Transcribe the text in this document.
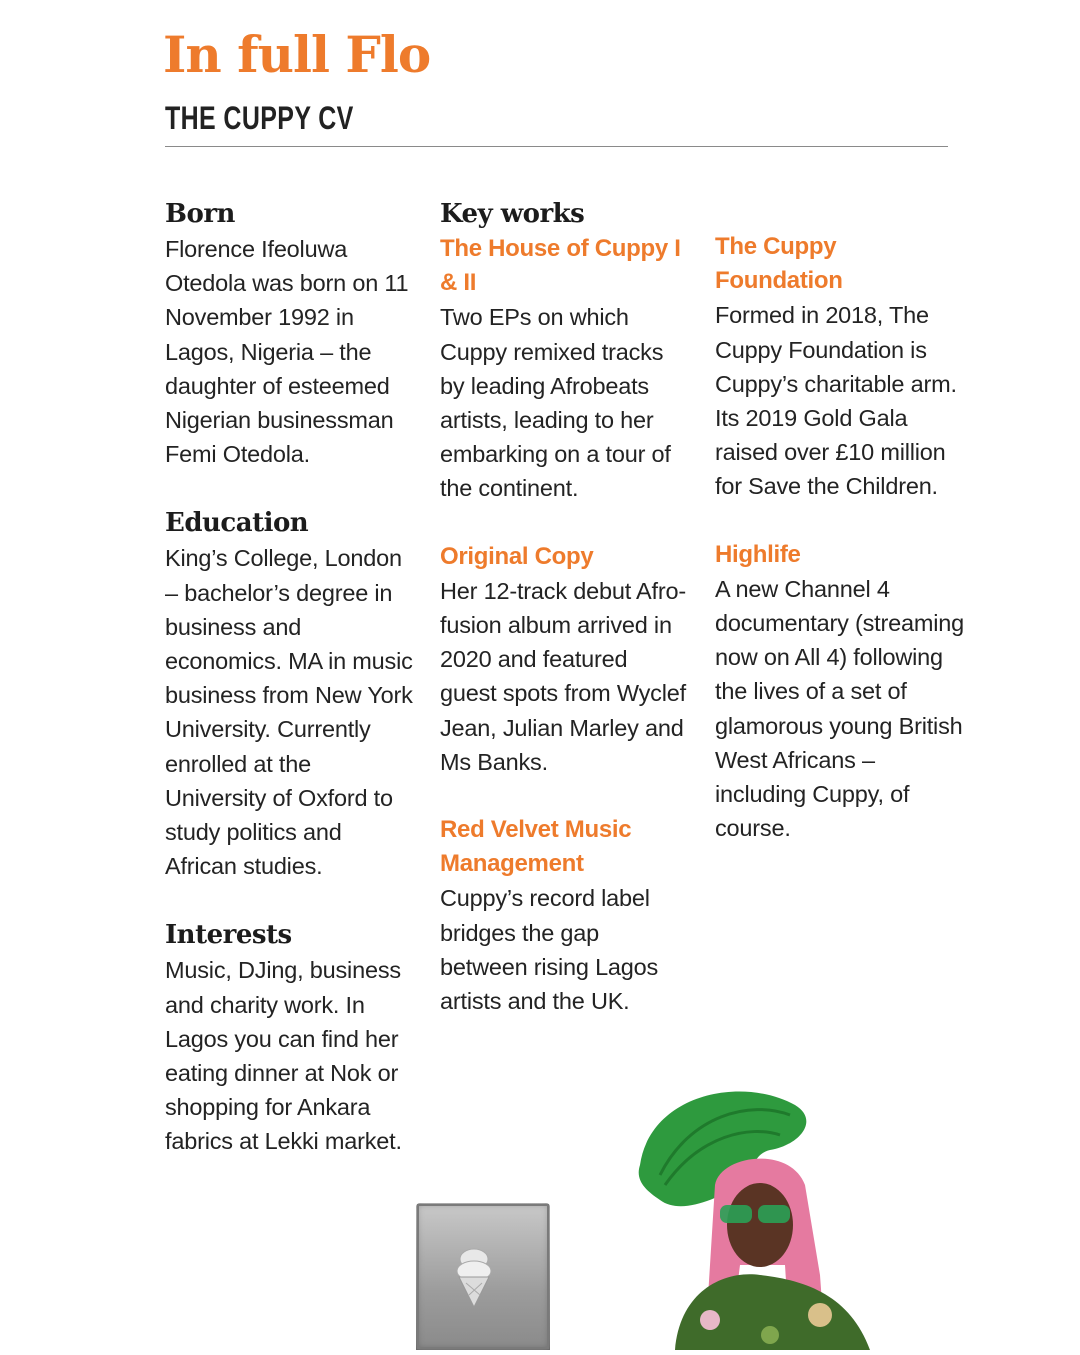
In full Flo
THE CUPPY CV
Born

Florence Ifeoluwa Otedola was born on 11 November 1992 in Lagos, Nigeria – the daughter of esteemed Nigerian businessman Femi Otedola.

Education

King’s College, London – bachelor’s degree in business and economics. MA in music business from New York University. Currently enrolled at the University of Oxford to study politics and African studies.

Interests

Music, DJing, business and charity work. In Lagos you can find her eating dinner at Nok or shopping for Ankara fabrics at Lekki market.

Key works

The House of Cuppy I & II

Two EPs on which Cuppy remixed tracks by leading Afrobeats artists, leading to her embarking on a tour of the continent.

Original Copy

Her 12-track debut Afro-fusion album arrived in 2020 and featured guest spots from Wyclef Jean, Julian Marley and Ms Banks.

Red Velvet Music Management

Cuppy’s record label bridges the gap between rising Lagos artists and the UK.

The Cuppy Foundation

Formed in 2018, The Cuppy Foundation is Cuppy’s charitable arm. Its 2019 Gold Gala raised over £10 million for Save the Children.

Highlife

A new Channel 4 documentary (streaming now on All 4) following the lives of a set of glamorous young British West Africans – including Cuppy, of course.
